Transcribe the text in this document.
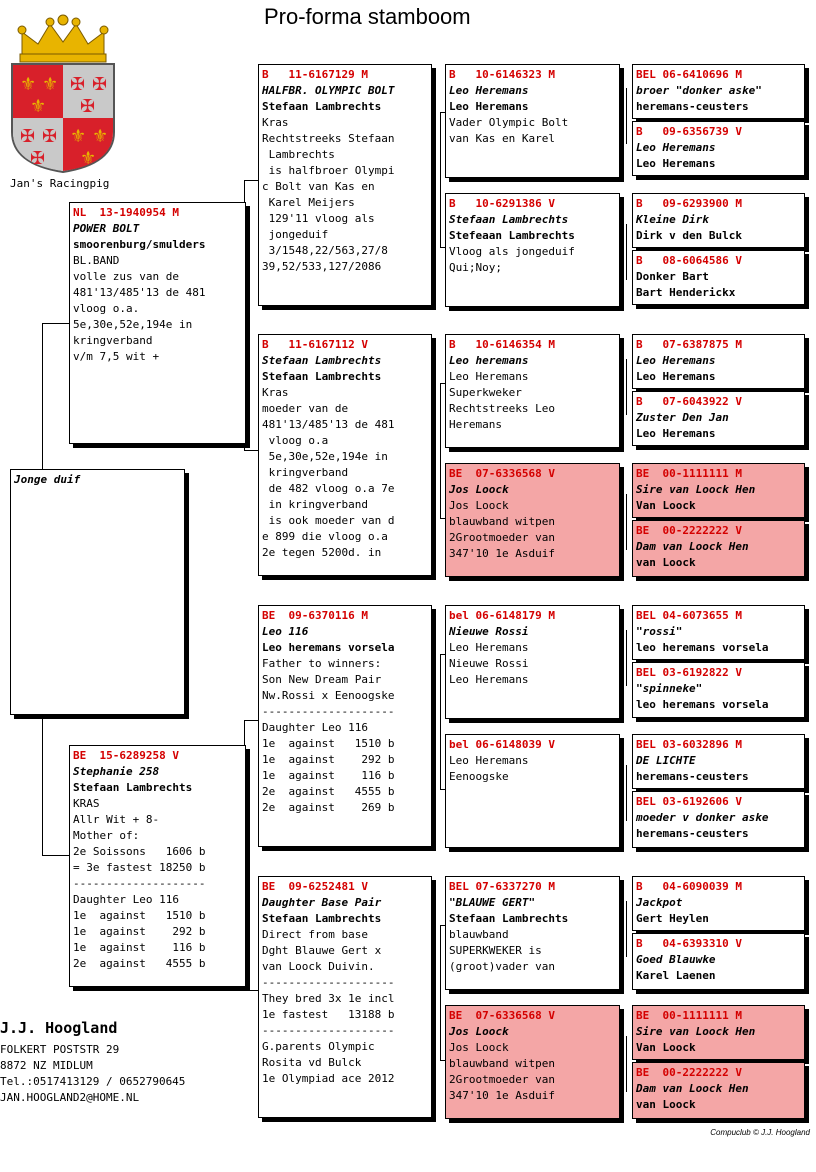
Pro-forma stamboom
⚜ ⚜
⚜
⚜ ⚜
⚜
✠ ✠
✠
✠ ✠
✠
Jan's Racingpig
Jonge duif
NL  13-1940954 M
POWER BOLT
smoorenburg/smulders
BL.BAND
volle zus van de
481'13/485'13 de 481
vloog o.a.
5e,30e,52e,194e in
kringverband
v/m 7,5 wit +
BE  15-6289258 V
Stephanie 258
Stefaan Lambrechts
KRAS
Allr Wit + 8-
Mother of:
2e Soissons   1606 b
= 3e fastest 18250 b
--------------------
Daughter Leo 116
1e  against   1510 b
1e  against    292 b
1e  against    116 b
2e  against   4555 b
B   11-6167129 M
HALFBR. OLYMPIC BOLT
Stefaan Lambrechts
Kras
Rechtstreeks Stefaan
Lambrechts
is halfbroer Olympi
c Bolt van Kas en
Karel Meijers
129'11 vloog als
jongeduif
3/1548,22/563,27/8
39,52/533,127/2086
B   11-6167112 V
Stefaan Lambrechts
Stefaan Lambrechts
Kras
moeder van de
481'13/485'13 de 481
vloog o.a
5e,30e,52e,194e in
kringverband
de 482 vloog o.a 7e
in kringverband
is ook moeder van d
e 899 die vloog o.a
2e tegen 5200d. in
BE  09-6370116 M
Leo 116
Leo heremans vorsela
Father to winners:
Son New Dream Pair
Nw.Rossi x Eenoogske
--------------------
Daughter Leo 116
1e  against   1510 b
1e  against    292 b
1e  against    116 b
2e  against   4555 b
2e  against    269 b
BE  09-6252481 V
Daughter Base Pair
Stefaan Lambrechts
Direct from base
Dght Blauwe Gert x
van Loock Duivin.
--------------------
They bred 3x 1e incl
1e fastest   13188 b
--------------------
G.parents Olympic
Rosita vd Bulck
1e Olympiad ace 2012
B   10-6146323 M
Leo Heremans
Leo Heremans
Vader Olympic Bolt
van Kas en Karel
B   10-6291386 V
Stefaan Lambrechts
Stefeaan Lambrechts
Vloog als jongeduif
Qui;Noy;
B   10-6146354 M
Leo heremans
Leo Heremans
Superkweker
Rechtstreeks Leo
Heremans
BE  07-6336568 V
Jos Loock
Jos Loock
blauwband witpen
2Grootmoeder van
347'10 1e Asduif
bel 06-6148179 M
Nieuwe Rossi
Leo Heremans
Nieuwe Rossi
Leo Heremans
bel 06-6148039 V
Leo Heremans
Eenoogske
BEL 07-6337270 M
"BLAUWE GERT"
Stefaan Lambrechts
blauwband
SUPERKWEKER is
(groot)vader van
BE  07-6336568 V
Jos Loock
Jos Loock
blauwband witpen
2Grootmoeder van
347'10 1e Asduif
BEL 06-6410696 M
broer "donker aske"
heremans-ceusters
B   09-6356739 V
Leo Heremans
Leo Heremans
B   09-6293900 M
Kleine Dirk
Dirk v den Bulck
B   08-6064586 V
Donker Bart
Bart Henderickx
B   07-6387875 M
Leo Heremans
Leo Heremans
B   07-6043922 V
Zuster Den Jan
Leo Heremans
BE  00-1111111 M
Sire van Loock Hen
Van Loock
BE  00-2222222 V
Dam van Loock Hen
van Loock
BEL 04-6073655 M
"rossi"
leo heremans vorsela
BEL 03-6192822 V
"spinneke"
leo heremans vorsela
BEL 03-6032896 M
DE LICHTE
heremans-ceusters
BEL 03-6192606 V
moeder v donker aske
heremans-ceusters
B   04-6090039 M
Jackpot
Gert Heylen
B   04-6393310 V
Goed Blauwke
Karel Laenen
BE  00-1111111 M
Sire van Loock Hen
Van Loock
BE  00-2222222 V
Dam van Loock Hen
van Loock
J.J. Hoogland
FOLKERT POSTSTR 29
8872 NZ MIDLUM
Tel.:0517413129 / 0652790645
JAN.HOOGLAND2@HOME.NL
Compuclub © J.J. Hoogland
